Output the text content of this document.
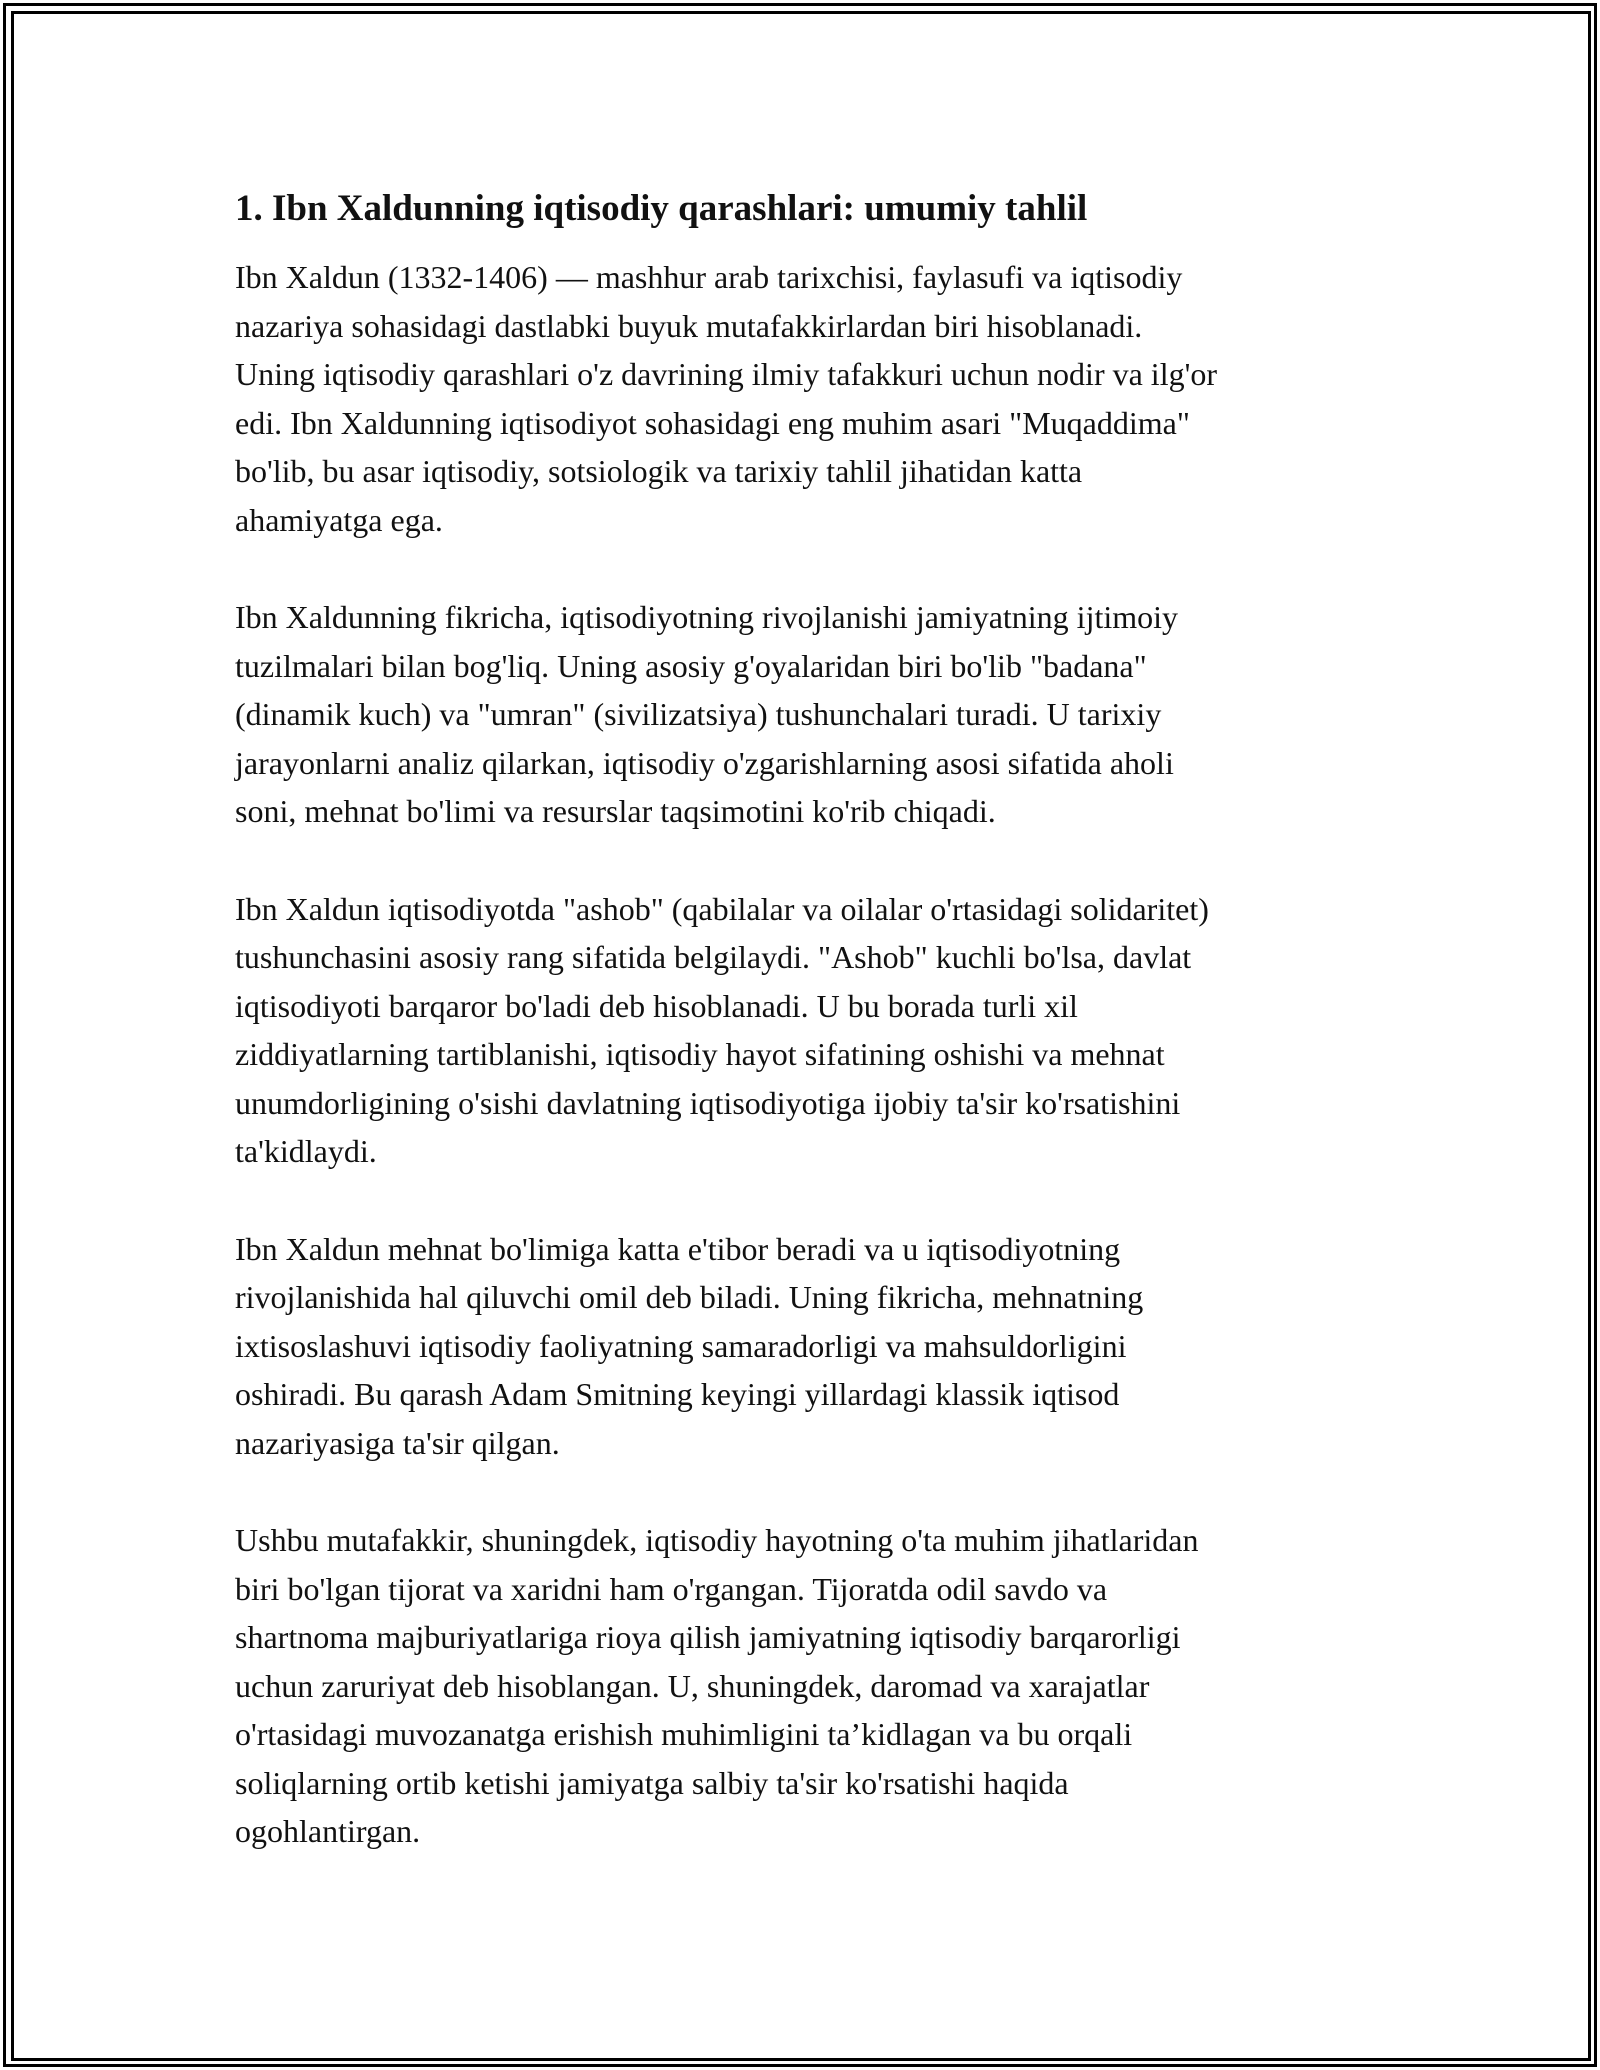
1. Ibn Xaldunning iqtisodiy qarashlari: umumiy tahlil

Ibn Xaldun (1332-1406) — mashhur arab tarixchisi, faylasufi va iqtisodiy
nazariya sohasidagi dastlabki buyuk mutafakkirlardan biri hisoblanadi.
Uning iqtisodiy qarashlari o'z davrining ilmiy tafakkuri uchun nodir va ilg'or
edi. Ibn Xaldunning iqtisodiyot sohasidagi eng muhim asari "Muqaddima"
bo'lib, bu asar iqtisodiy, sotsiologik va tarixiy tahlil jihatidan katta
ahamiyatga ega.

Ibn Xaldunning fikricha, iqtisodiyotning rivojlanishi jamiyatning ijtimoiy
tuzilmalari bilan bog'liq. Uning asosiy g'oyalaridan biri bo'lib "badana"
(dinamik kuch) va "umran" (sivilizatsiya) tushunchalari turadi. U tarixiy
jarayonlarni analiz qilarkan, iqtisodiy o'zgarishlarning asosi sifatida aholi
soni, mehnat bo'limi va resurslar taqsimotini ko'rib chiqadi.

Ibn Xaldun iqtisodiyotda "ashob" (qabilalar va oilalar o'rtasidagi solidaritet)
tushunchasini asosiy rang sifatida belgilaydi. "Ashob" kuchli bo'lsa, davlat
iqtisodiyoti barqaror bo'ladi deb hisoblanadi. U bu borada turli xil
ziddiyatlarning tartiblanishi, iqtisodiy hayot sifatining oshishi va mehnat
unumdorligining o'sishi davlatning iqtisodiyotiga ijobiy ta'sir ko'rsatishini
ta'kidlaydi.

Ibn Xaldun mehnat bo'limiga katta e'tibor beradi va u iqtisodiyotning
rivojlanishida hal qiluvchi omil deb biladi. Uning fikricha, mehnatning
ixtisoslashuvi iqtisodiy faoliyatning samaradorligi va mahsuldorligini
oshiradi. Bu qarash Adam Smitning keyingi yillardagi klassik iqtisod
nazariyasiga ta'sir qilgan.

Ushbu mutafakkir, shuningdek, iqtisodiy hayotning o'ta muhim jihatlaridan
biri bo'lgan tijorat va xaridni ham o'rgangan. Tijoratda odil savdo va
shartnoma majburiyatlariga rioya qilish jamiyatning iqtisodiy barqarorligi
uchun zaruriyat deb hisoblangan. U, shuningdek, daromad va xarajatlar
o'rtasidagi muvozanatga erishish muhimligini ta’kidlagan va bu orqali
soliqlarning ortib ketishi jamiyatga salbiy ta'sir ko'rsatishi haqida
ogohlantirgan.
